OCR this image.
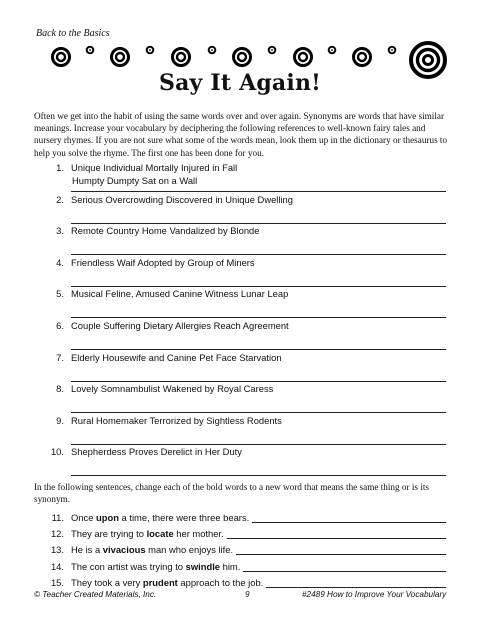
Back to the Basics
Say It Again!
Often we get into the habit of using the same words over and over again. Synonyms are words that have similar meanings. Increase your vocabulary by deciphering the following references to well-known fairy tales and nursery rhymes. If you are not sure what some of the words mean, look them up in the dictionary or thesaurus to help you solve the rhyme. The first one has been done for you.
1. Unique Individual Mortally Injured in Fall
Humpty Dumpty Sat on a Wall
2. Serious Overcrowding Discovered in Unique Dwelling
3. Remote Country Home Vandalized by Blonde
4. Friendless Waif Adopted by Group of Miners
5. Musical Feline, Amused Canine Witness Lunar Leap
6. Couple Suffering Dietary Allergies Reach Agreement
7. Elderly Housewife and Canine Pet Face Starvation
8. Lovely Somnambulist Wakened by Royal Caress
9. Rural Homemaker Terrorized by Sightless Rodents
10. Shepherdess Proves Derelict in Her Duty
In the following sentences, change each of the bold words to a new word that means the same thing or is its synonym.
11. Once upon a time, there were three bears.
12. They are trying to locate her mother.
13. He is a vivacious man who enjoys life.
14. The con artist was trying to swindle him.
15. They took a very prudent approach to the job.
© Teacher Created Materials, Inc.	9	#2489 How to Improve Your Vocabulary
